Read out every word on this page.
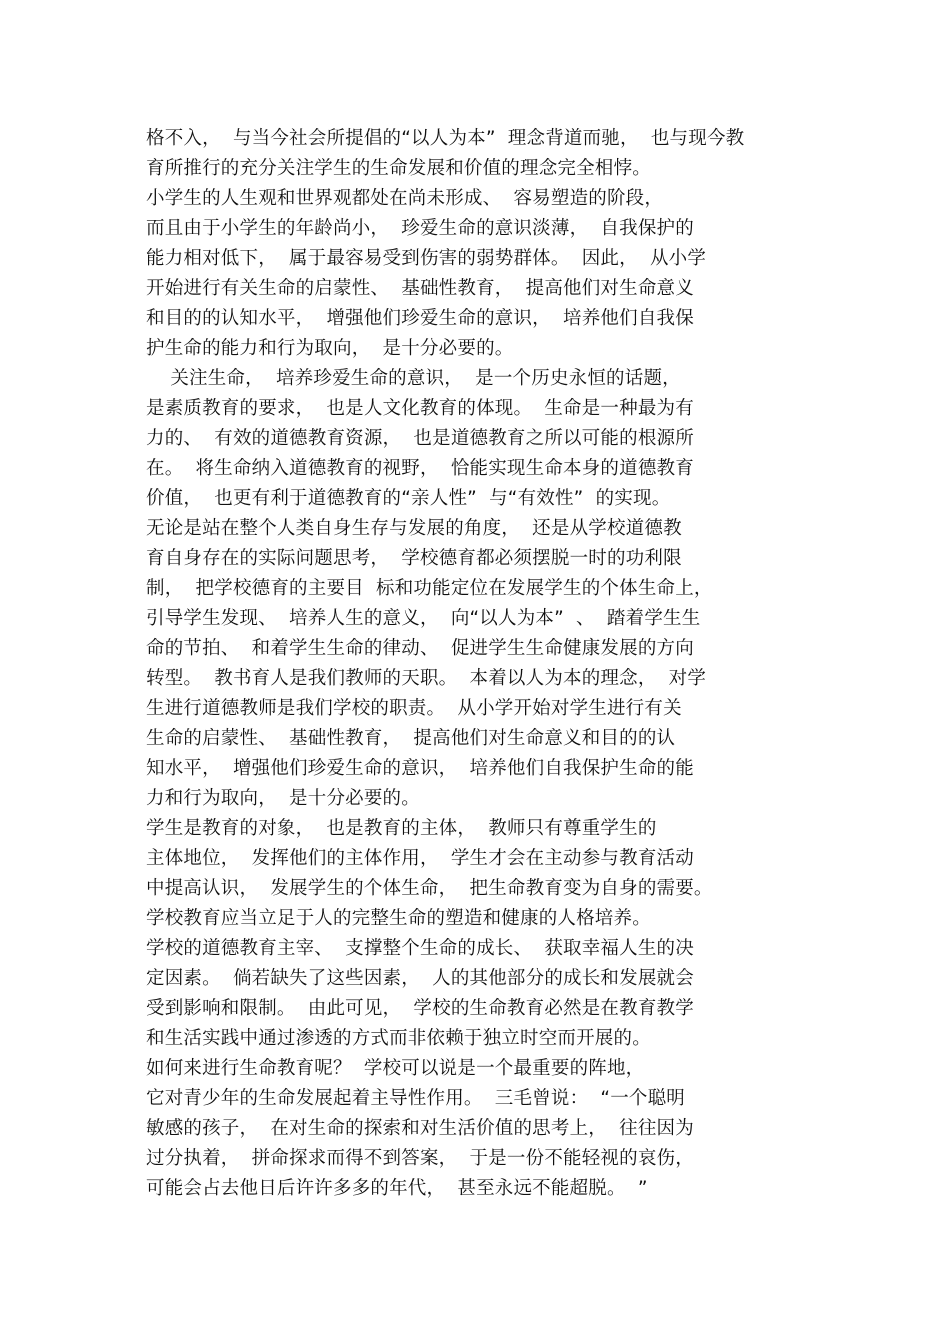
格不入，  与当今社会所提倡的“以人为本”  理念背道而驰，  也与现今教
育所推行的充分关注学生的生命发展和价值的理念完全相悖。
小学生的人生观和世界观都处在尚未形成、  容易塑造的阶段，
而且由于小学生的年龄尚小，  珍爱生命的意识淡薄，  自我保护的
能力相对低下，  属于最容易受到伤害的弱势群体。  因此，  从小学
开始进行有关生命的启蒙性、  基础性教育，  提高他们对生命意义
和目的的认知水平，  增强他们珍爱生命的意识，  培养他们自我保
护生命的能力和行为取向，  是十分必要的。
关注生命，  培养珍爱生命的意识，  是一个历史永恒的话题，
是素质教育的要求，  也是人文化教育的体现。  生命是一种最为有
力的、  有效的道德教育资源，  也是道德教育之所以可能的根源所
在。  将生命纳入道德教育的视野，  恰能实现生命本身的道德教育
价值，  也更有利于道德教育的“亲人性”  与“有效性”  的实现。
无论是站在整个人类自身生存与发展的角度，  还是从学校道德教
育自身存在的实际问题思考，  学校德育都必须摆脱一时的功利限
制，  把学校德育的主要目  标和功能定位在发展学生的个体生命上，
引导学生发现、  培养人生的意义，  向“以人为本”  、  踏着学生生
命的节拍、  和着学生生命的律动、  促进学生生命健康发展的方向
转型。  教书育人是我们教师的天职。  本着以人为本的理念，  对学
生进行道德教师是我们学校的职责。  从小学开始对学生进行有关
生命的启蒙性、  基础性教育，  提高他们对生命意义和目的的认
知水平，  增强他们珍爱生命的意识，  培养他们自我保护生命的能
力和行为取向，  是十分必要的。
学生是教育的对象，  也是教育的主体，  教师只有尊重学生的
主体地位，  发挥他们的主体作用，  学生才会在主动参与教育活动
中提高认识，  发展学生的个体生命，  把生命教育变为自身的需要。
学校教育应当立足于人的完整生命的塑造和健康的人格培养。
学校的道德教育主宰、  支撑整个生命的成长、  获取幸福人生的决
定因素。  倘若缺失了这些因素，  人的其他部分的成长和发展就会
受到影响和限制。  由此可见，  学校的生命教育必然是在教育教学
和生活实践中通过渗透的方式而非依赖于独立时空而开展的。
如何来进行生命教育呢？  学校可以说是一个最重要的阵地，
它对青少年的生命发展起着主导性作用。  三毛曾说：  “一个聪明
敏感的孩子，  在对生命的探索和对生活价值的思考上，  往往因为
过分执着，  拼命探求而得不到答案，  于是一份不能轻视的哀伤，
可能会占去他日后许许多多的年代，  甚至永远不能超脱。  ”
